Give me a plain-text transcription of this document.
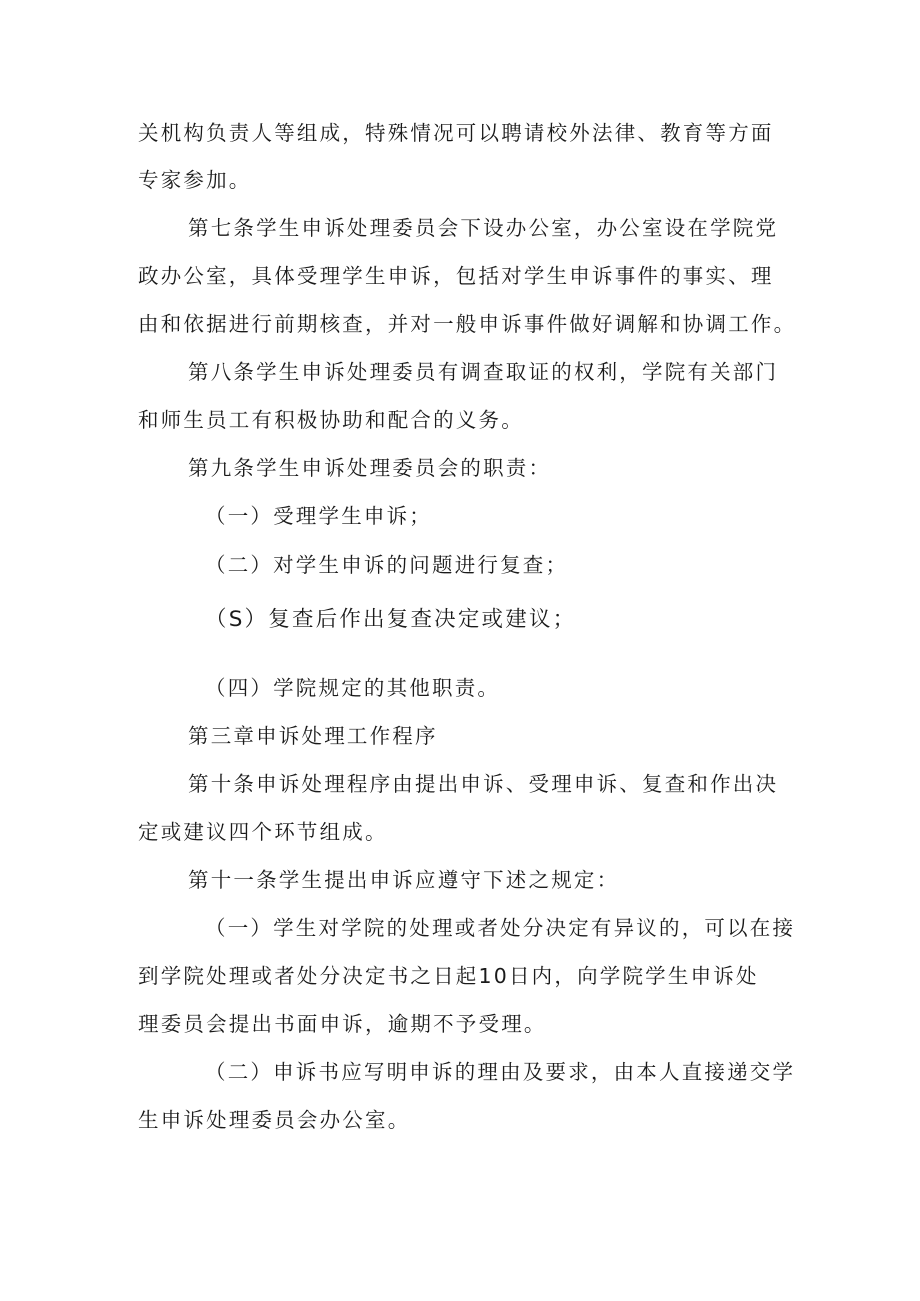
关机构负责人等组成，特殊情况可以聘请校外法律、教育等方面
专家参加。
第七条学生申诉处理委员会下设办公室，办公室设在学院党
政办公室，具体受理学生申诉，包括对学生申诉事件的事实、理
由和依据进行前期核查，并对一般申诉事件做好调解和协调工作。
第八条学生申诉处理委员有调查取证的权利，学院有关部门
和师生员工有积极协助和配合的义务。
第九条学生申诉处理委员会的职责：
（一）受理学生申诉；
（二）对学生申诉的问题进行复查；
（S）复查后作出复查决定或建议；
（四）学院规定的其他职责。
第三章申诉处理工作程序
第十条申诉处理程序由提出申诉、受理申诉、复查和作出决
定或建议四个环节组成。
第十一条学生提出申诉应遵守下述之规定：
（一）学生对学院的处理或者处分决定有异议的，可以在接
到学院处理或者处分决定书之日起10日内，向学院学生申诉处
理委员会提出书面申诉，逾期不予受理。
（二）申诉书应写明申诉的理由及要求，由本人直接递交学
生申诉处理委员会办公室。
